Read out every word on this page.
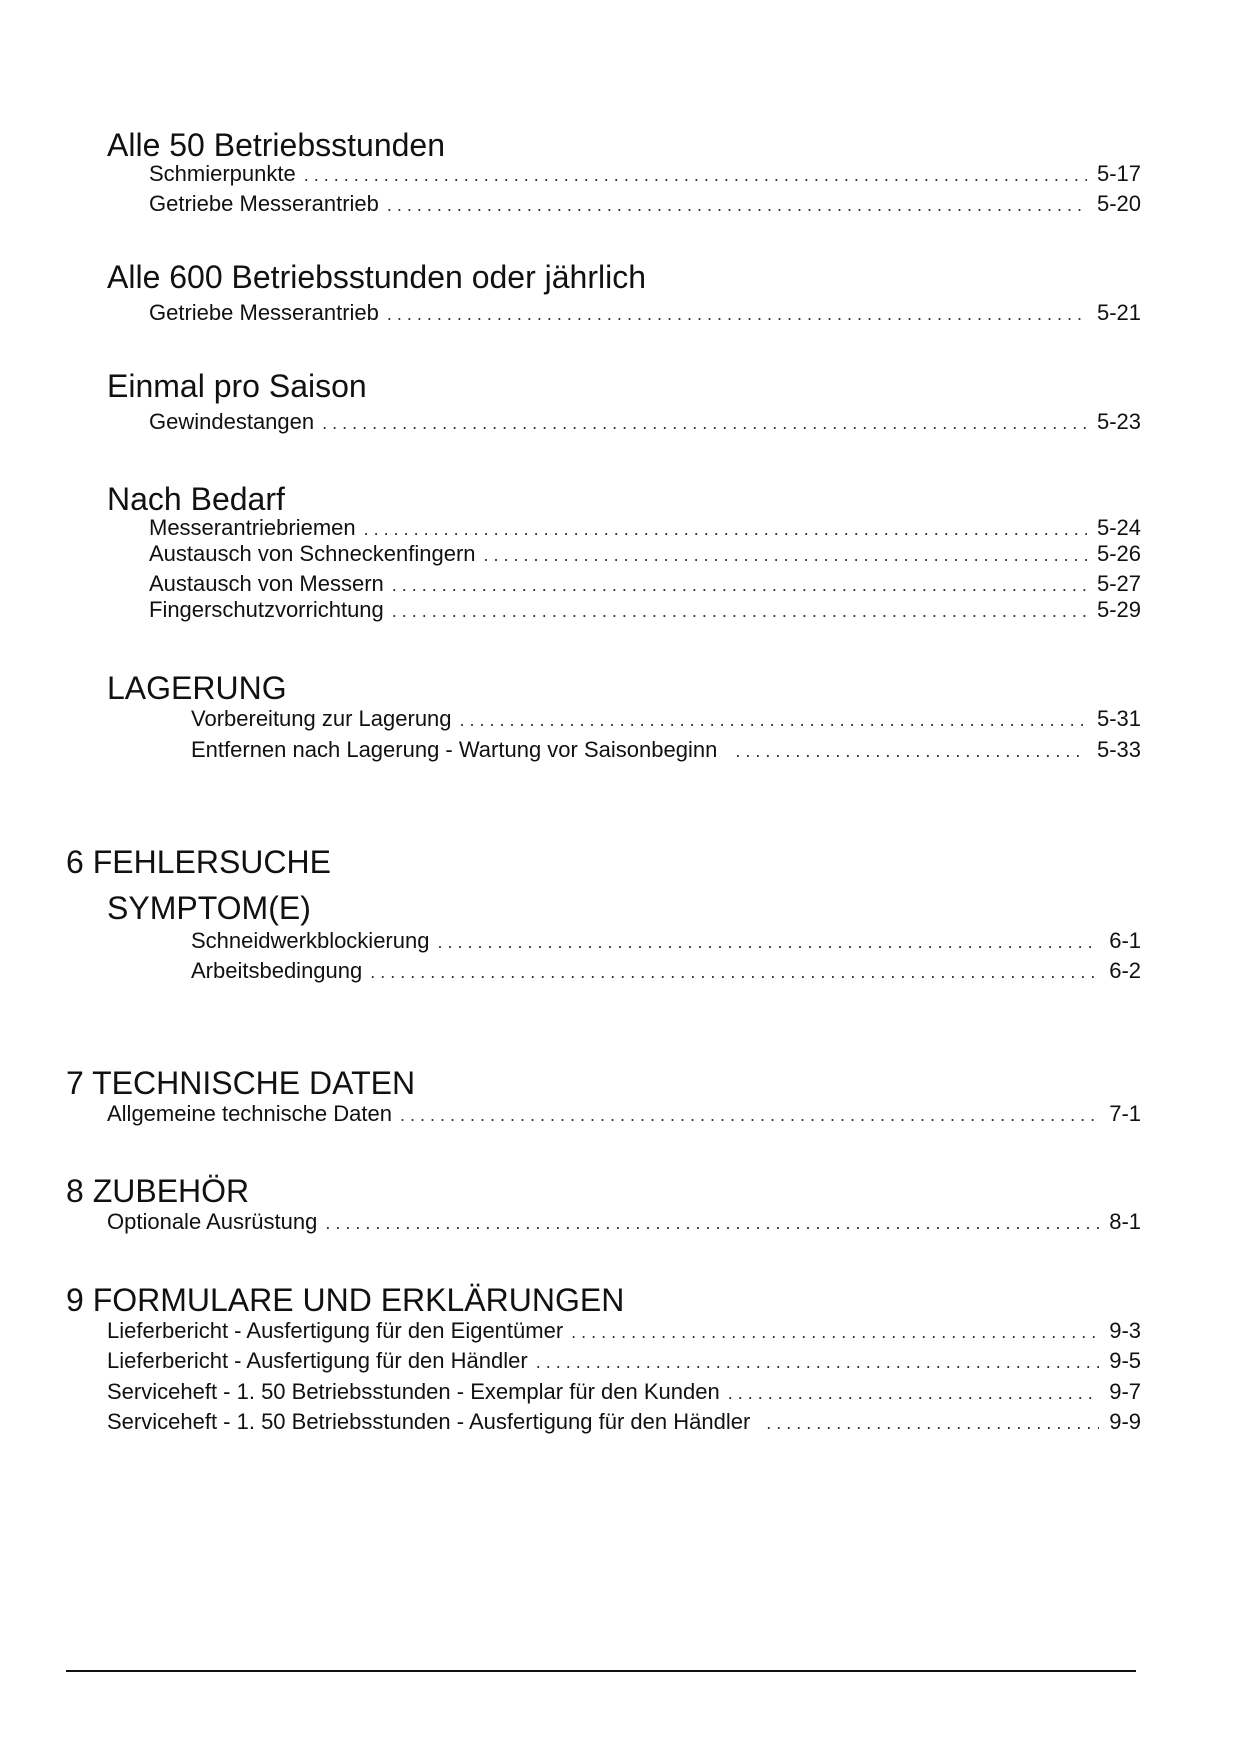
Alle 50 Betriebsstunden
Schmierpunkte . . .	5-17
Getriebe Messerantrieb . . .	5-20
Alle 600 Betriebsstunden oder jährlich
Getriebe Messerantrieb . . .	5-21
Einmal pro Saison
Gewindestangen . . .	5-23
Nach Bedarf
Messerantriebriemen . . .	5-24
Austausch von Schneckenfingern . . .	5-26
Austausch von Messern . . .	5-27
Fingerschutzvorrichtung . . .	5-29
LAGERUNG
Vorbereitung zur Lagerung . . .	5-31
Entfernen nach Lagerung - Wartung vor Saisonbeginn . . .	5-33
6 FEHLERSUCHE
SYMPTOM(E)
Schneidwerkblockierung . . .	6-1
Arbeitsbedingung . . .	6-2
7 TECHNISCHE DATEN
Allgemeine technische Daten . . .	7-1
8 ZUBEHÖR
Optionale Ausrüstung . . .	8-1
9 FORMULARE UND ERKLÄRUNGEN
Lieferbericht - Ausfertigung für den Eigentümer . . .	9-3
Lieferbericht - Ausfertigung für den Händler . . .	9-5
Serviceheft - 1. 50 Betriebsstunden - Exemplar für den Kunden . . .	9-7
Serviceheft - 1. 50 Betriebsstunden - Ausfertigung für den Händler . . .	9-9
